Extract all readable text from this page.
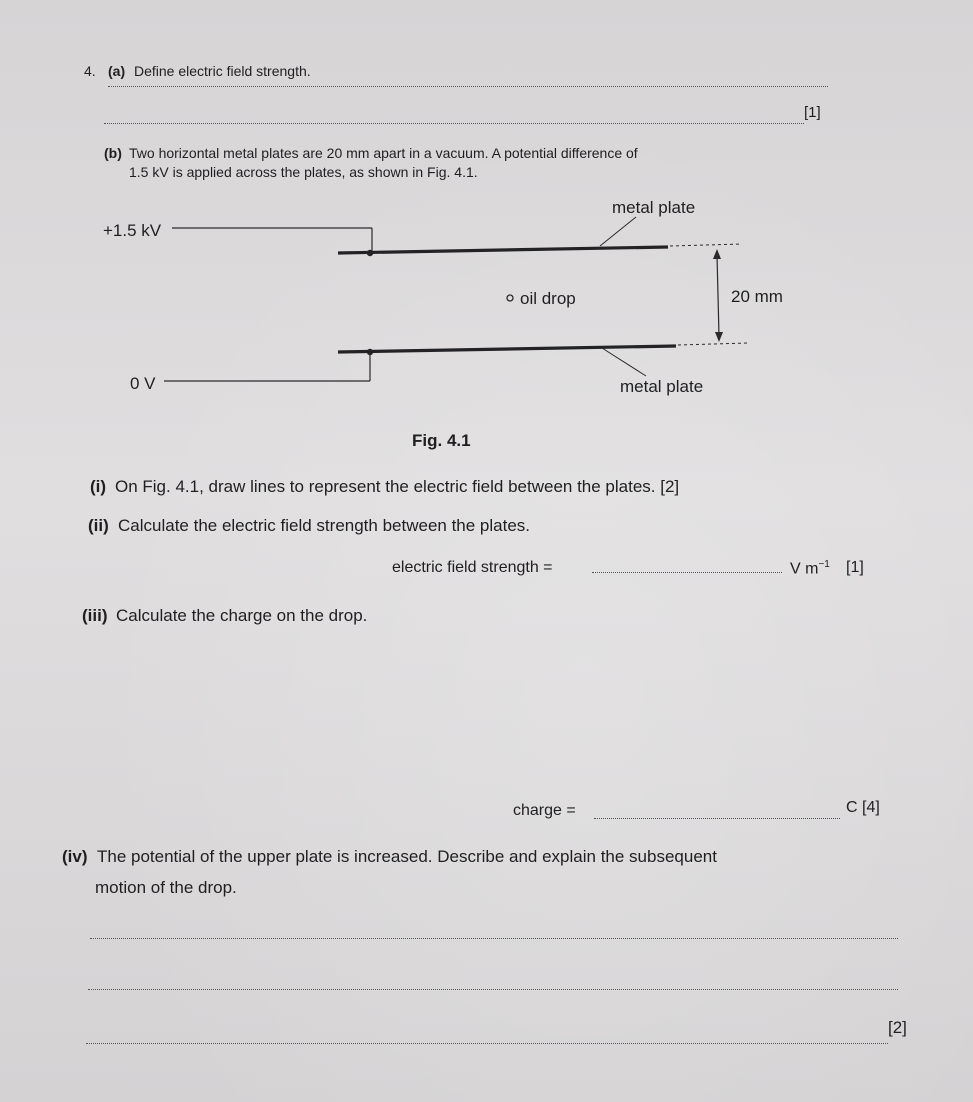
4. (a) Define electric field strength.
[1]
(b) Two horizontal metal plates are 20 mm apart in a vacuum. A potential difference of
1.5 kV is applied across the plates, as shown in Fig. 4.1.
+1.5 kV
0 V
metal plate
metal plate
oil drop	20 mm
Fig. 4.1
(i) On Fig. 4.1, draw lines to represent the electric field between the plates. [2]
(ii) Calculate the electric field strength between the plates.
electric field strength =	V $m^{-1}$ [1]
(iii) Calculate the charge on the drop.
charge =	C [4]
(iv) The potential of the upper plate is increased. Describe and explain the subsequent
motion of the drop.
[2]
